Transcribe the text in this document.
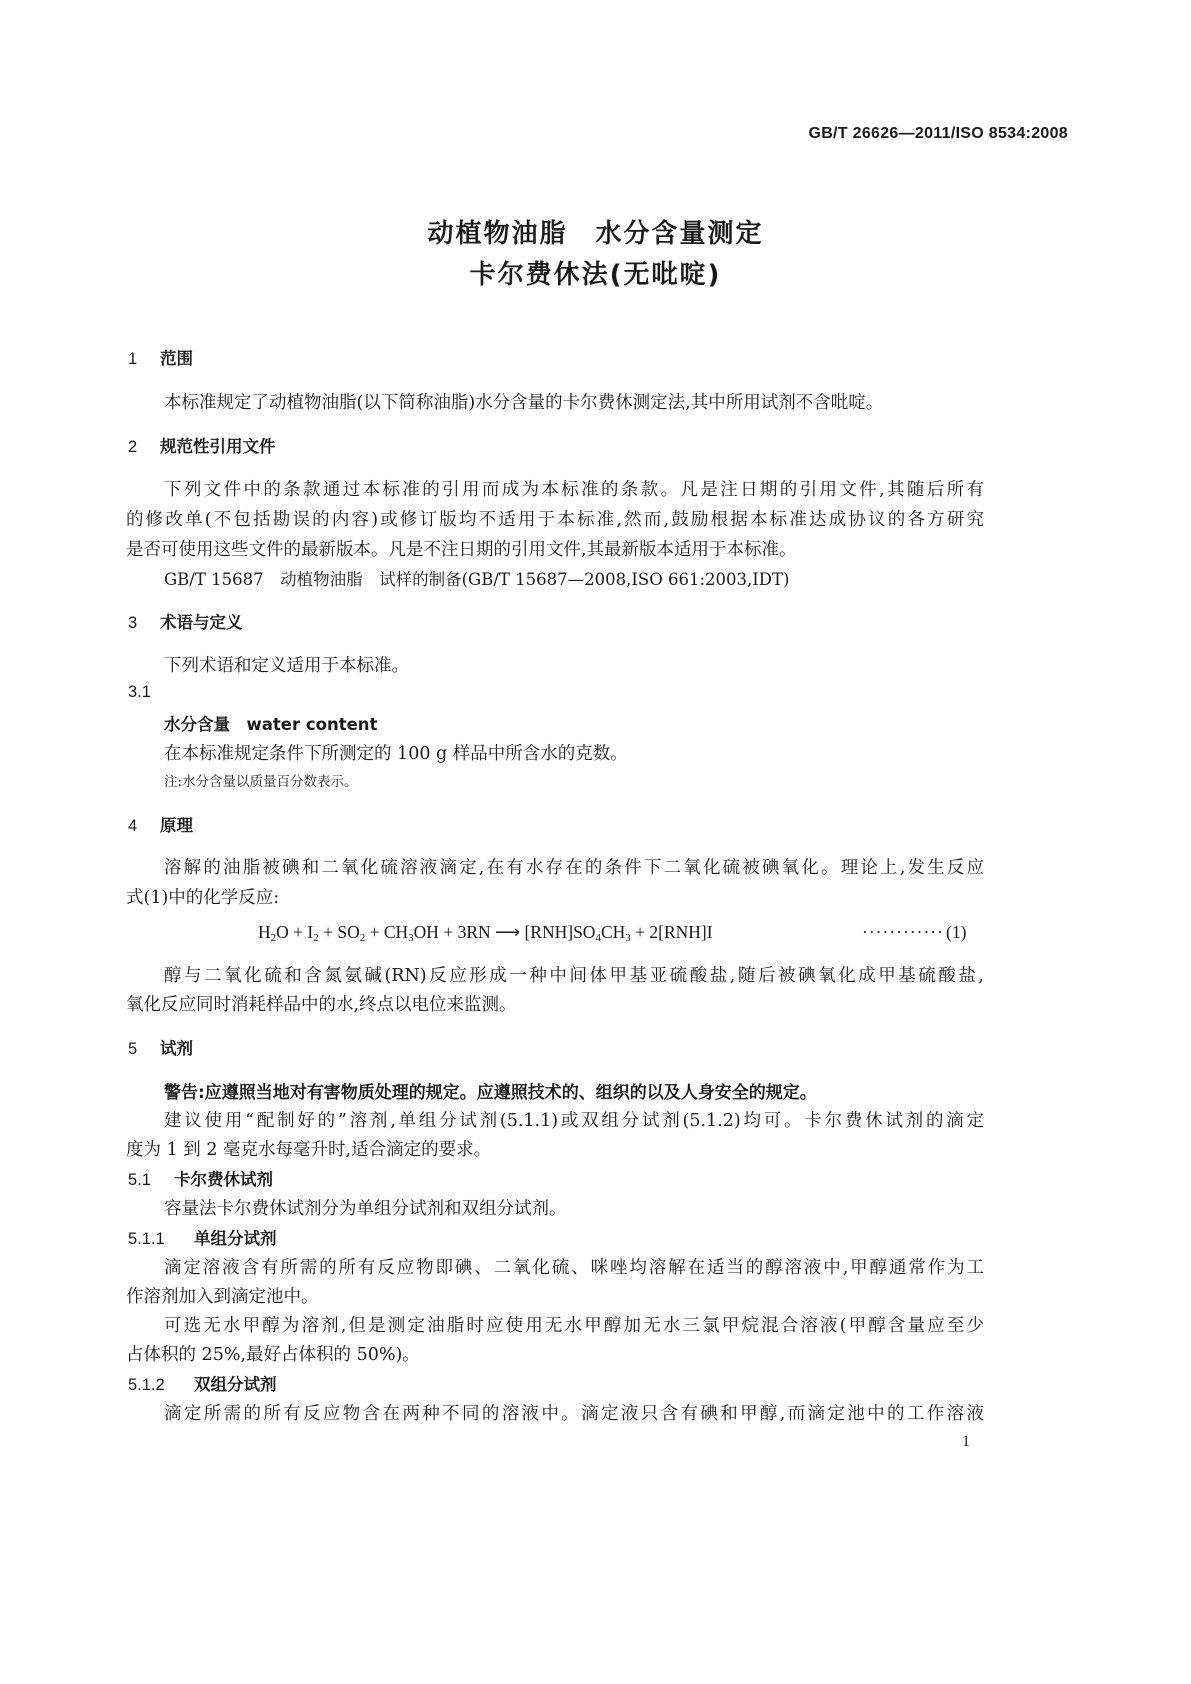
GB/T 26626—2011/ISO 8534:2008
动植物油脂　水分含量测定
卡尔费休法(无吡啶)
1 范围
本标准规定了动植物油脂(以下简称油脂)水分含量的卡尔费休测定法,其中所用试剂不含吡啶。
2 规范性引用文件
下列文件中的条款通过本标准的引用而成为本标准的条款。凡是注日期的引用文件,其随后所有
的修改单(不包括勘误的内容)或修订版均不适用于本标准,然而,鼓励根据本标准达成协议的各方研究
是否可使用这些文件的最新版本。凡是不注日期的引用文件,其最新版本适用于本标准。
GB/T 15687　动植物油脂　试样的制备(GB/T 15687—2008,ISO 661:2003,IDT)
3 术语与定义
下列术语和定义适用于本标准。
3.1
水分含量　water content
在本标准规定条件下所测定的 100 g 样品中所含水的克数。
注:水分含量以质量百分数表示。
4 原理
溶解的油脂被碘和二氧化硫溶液滴定,在有水存在的条件下二氧化硫被碘氧化。理论上,发生反应
式(1)中的化学反应:
$H_2O + I_2 + SO_2 + CH_3OH + 3RN$ ⟶ $[RNH]SO_4CH_3 + 2[RNH]I$	············ (1)
醇与二氧化硫和含氮氨碱(RN)反应形成一种中间体甲基亚硫酸盐,随后被碘氧化成甲基硫酸盐,
氧化反应同时消耗样品中的水,终点以电位来监测。
5 试剂
警告:应遵照当地对有害物质处理的规定。应遵照技术的、组织的以及人身安全的规定。
建议使用“配制好的”溶剂,单组分试剂(5.1.1)或双组分试剂(5.1.2)均可。卡尔费休试剂的滴定
度为 1 到 2 毫克水每毫升时,适合滴定的要求。
5.1 卡尔费休试剂
容量法卡尔费休试剂分为单组分试剂和双组分试剂。
5.1.1 单组分试剂
滴定溶液含有所需的所有反应物即碘、二氧化硫、咪唑均溶解在适当的醇溶液中,甲醇通常作为工
作溶剂加入到滴定池中。
可选无水甲醇为溶剂,但是测定油脂时应使用无水甲醇加无水三氯甲烷混合溶液(甲醇含量应至少
占体积的 25%,最好占体积的 50%)。
5.1.2 双组分试剂
滴定所需的所有反应物含在两种不同的溶液中。滴定液只含有碘和甲醇,而滴定池中的工作溶液
1
